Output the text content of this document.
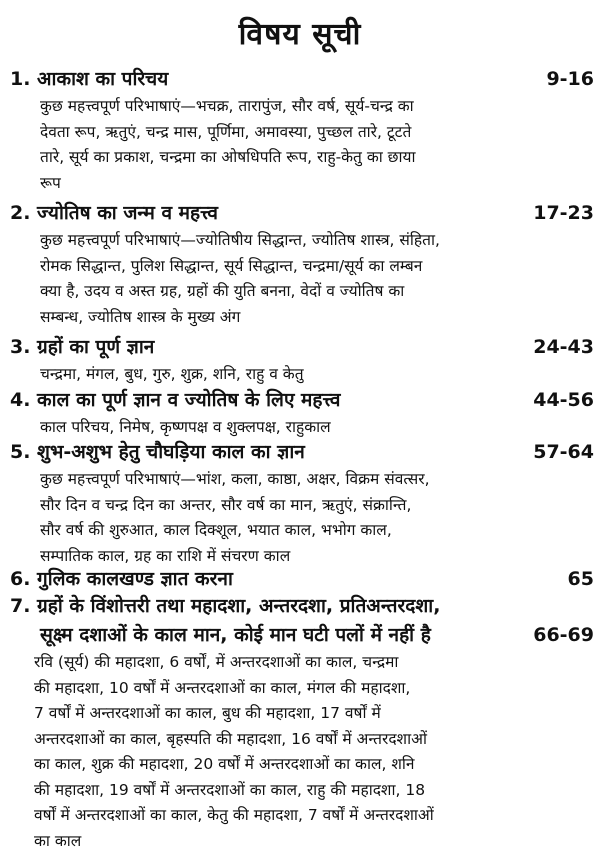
विषय सूची
1. आकाश का परिचय	9-16
कुछ महत्त्वपूर्ण परिभाषाएं—भचक्र, तारापुंज, सौर वर्ष, सूर्य-चन्द्र का
देवता रूप, ऋतुएं, चन्द्र मास, पूर्णिमा, अमावस्या, पुच्छल तारे, टूटते
तारे, सूर्य का प्रकाश, चन्द्रमा का ओषधिपति रूप, राहु-केतु का छाया
रूप
2. ज्योतिष का जन्म व महत्त्व	17-23
कुछ महत्त्वपूर्ण परिभाषाएं—ज्योतिषीय सिद्धान्त, ज्योतिष शास्त्र, संहिता,
रोमक सिद्धान्त, पुलिश सिद्धान्त, सूर्य सिद्धान्त, चन्द्रमा/सूर्य का लम्बन
क्या है, उदय व अस्त ग्रह, ग्रहों की युति बनना, वेदों व ज्योतिष का
सम्बन्ध, ज्योतिष शास्त्र के मुख्य अंग
3. ग्रहों का पूर्ण ज्ञान	24-43
चन्द्रमा, मंगल, बुध, गुरु, शुक्र, शनि, राहु व केतु
4. काल का पूर्ण ज्ञान व ज्योतिष के लिए महत्त्व	44-56
काल परिचय, निमेष, कृष्णपक्ष व शुक्लपक्ष, राहुकाल
5. शुभ-अशुभ हेतु चौघड़िया काल का ज्ञान	57-64
कुछ महत्त्वपूर्ण परिभाषाएं—भांश, कला, काष्ठा, अक्षर, विक्रम संवत्सर,
सौर दिन व चन्द्र दिन का अन्तर, सौर वर्ष का मान, ऋतुएं, संक्रान्ति,
सौर वर्ष की शुरुआत, काल दिक्शूल, भयात काल, भभोग काल,
सम्पातिक काल, ग्रह का राशि में संचरण काल
6. गुलिक कालखण्ड ज्ञात करना	65
7. ग्रहों के विंशोत्तरी तथा महादशा, अन्तरदशा, प्रतिअन्तरदशा,
सूक्ष्म दशाओं के काल मान, कोई मान घटी पलों में नहीं है	66-69
रवि (सूर्य) की महादशा, 6 वर्षों, में अन्तरदशाओं का काल, चन्द्रमा
की महादशा, 10 वर्षों में अन्तरदशाओं का काल, मंगल की महादशा,
7 वर्षों में अन्तरदशाओं का काल, बुध की महादशा, 17 वर्षों में
अन्तरदशाओं का काल, बृहस्पति की महादशा, 16 वर्षों में अन्तरदशाओं
का काल, शुक्र की महादशा, 20 वर्षों में अन्तरदशाओं का काल, शनि
की महादशा, 19 वर्षों में अन्तरदशाओं का काल, राहु की महादशा, 18
वर्षों में अन्तरदशाओं का काल, केतु की महादशा, 7 वर्षों में अन्तरदशाओं
का काल
